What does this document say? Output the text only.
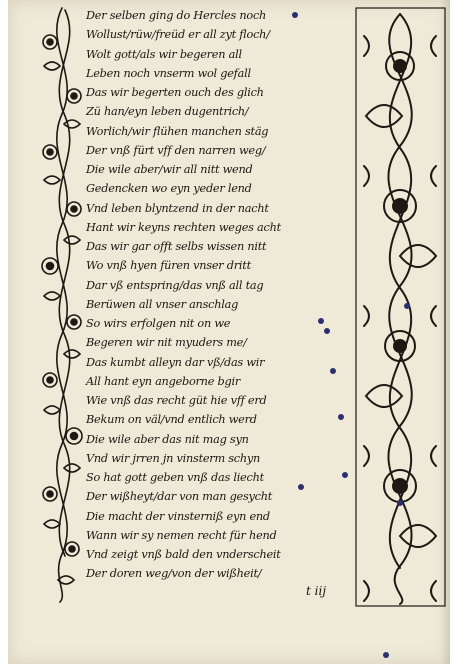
Der selben ging do Hercles noch
Wollust/rüw/freüd er all zyt floch/
Wolt gott/als wir begeren all
Leben noch vnserm wol gefall
Das wir begerten ouch des glich
Zü han/eyn leben dugentrich/
Worlich/wir flühen manchen stäg
Der vnß fürt vff den narren weg/
Die wile aber/wir all nitt wend
Gedencken wo eyn yeder lend
Vnd leben blyntzend in der nacht
Hant wir keyns rechten weges acht
Das wir gar offt selbs wissen nitt
Wo vnß hyen füren vnser dritt
Dar vß entspring/das vnß all tag
Berüwen all vnser anschlag
So wirs erfolgen nit on we
Begeren wir nit myuders me/
Das kumbt alleyn dar vß/das wir
All hant eyn angeborne bgir
Wie vnß das recht güt hie vff erd
Bekum on väl/vnd entlich werd
Die wile aber das nit mag syn
Vnd wir jrren jn vinsterm schyn
So hat gott geben vnß das liecht
Der wißheyt/dar von man gesycht
Die macht der vinsterniß eyn end
Wann wir sy nemen recht für hend
Vnd zeigt vnß bald den vnderscheit
Der doren weg/von der wißheit/
t iij
